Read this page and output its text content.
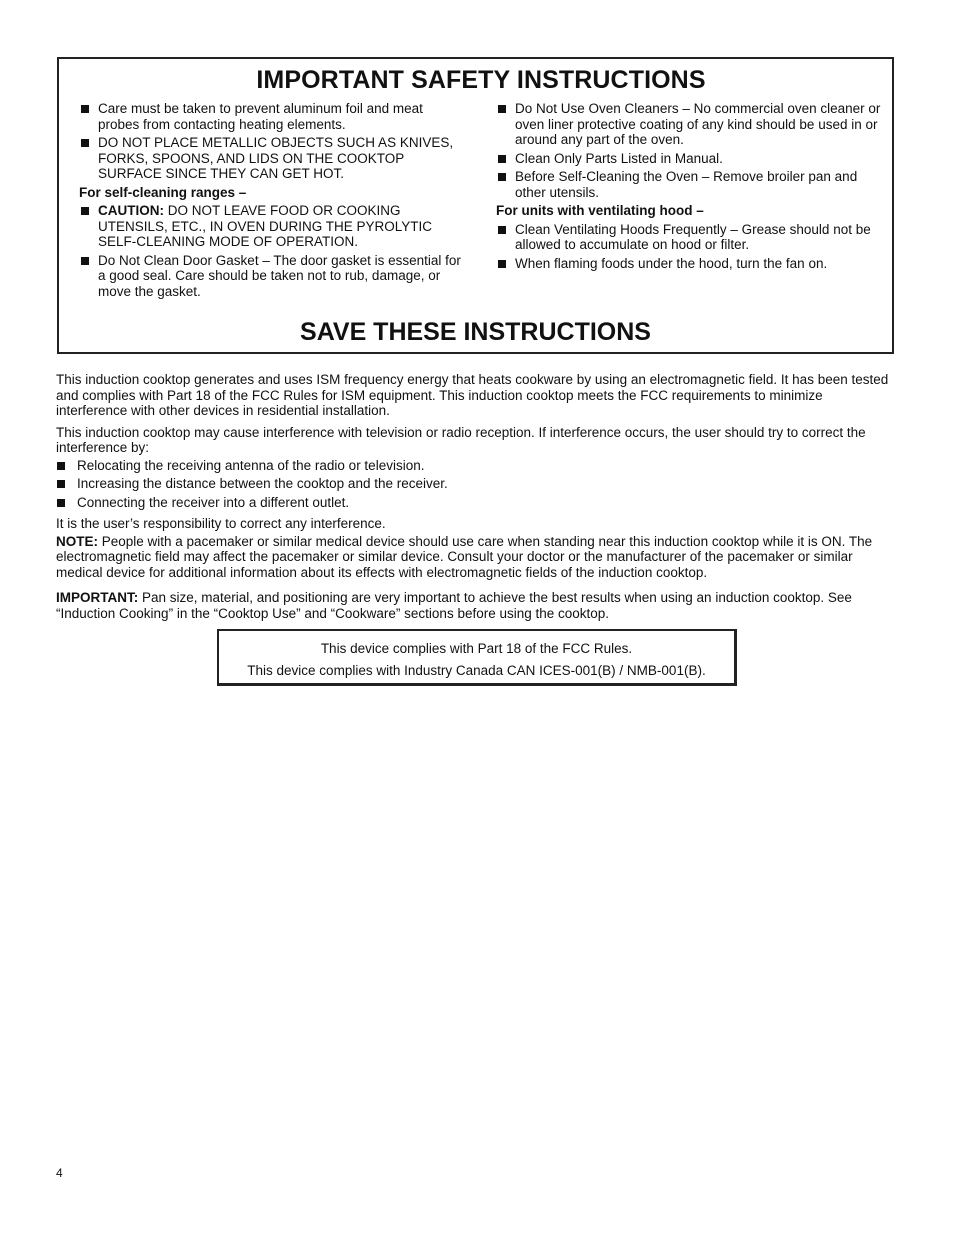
IMPORTANT SAFETY INSTRUCTIONS
Care must be taken to prevent aluminum foil and meat probes from contacting heating elements.
DO NOT PLACE METALLIC OBJECTS SUCH AS KNIVES, FORKS, SPOONS, AND LIDS ON THE COOKTOP SURFACE SINCE THEY CAN GET HOT.
For self-cleaning ranges –
CAUTION: DO NOT LEAVE FOOD OR COOKING UTENSILS, ETC., IN OVEN DURING THE PYROLYTIC SELF-CLEANING MODE OF OPERATION.
Do Not Clean Door Gasket – The door gasket is essential for a good seal. Care should be taken not to rub, damage, or move the gasket.
Do Not Use Oven Cleaners – No commercial oven cleaner or oven liner protective coating of any kind should be used in or around any part of the oven.
Clean Only Parts Listed in Manual.
Before Self-Cleaning the Oven – Remove broiler pan and other utensils.
For units with ventilating hood –
Clean Ventilating Hoods Frequently – Grease should not be allowed to accumulate on hood or filter.
When flaming foods under the hood, turn the fan on.
SAVE THESE INSTRUCTIONS

This induction cooktop generates and uses ISM frequency energy that heats cookware by using an electromagnetic field. It has been tested and complies with Part 18 of the FCC Rules for ISM equipment. This induction cooktop meets the FCC requirements to minimize interference with other devices in residential installation.

This induction cooktop may cause interference with television or radio reception. If interference occurs, the user should try to correct the interference by:

Relocating the receiving antenna of the radio or television.
Increasing the distance between the cooktop and the receiver.
Connecting the receiver into a different outlet.

It is the user’s responsibility to correct any interference.

NOTE: People with a pacemaker or similar medical device should use care when standing near this induction cooktop while it is ON. The electromagnetic field may affect the pacemaker or similar device. Consult your doctor or the manufacturer of the pacemaker or similar medical device for additional information about its effects with electromagnetic fields of the induction cooktop.

IMPORTANT: Pan size, material, and positioning are very important to achieve the best results when using an induction cooktop. See “Induction Cooking” in the “Cooktop Use” and “Cookware” sections before using the cooktop.

This device complies with Part 18 of the FCC Rules.
This device complies with Industry Canada CAN ICES-001(B) / NMB-001(B).
4
